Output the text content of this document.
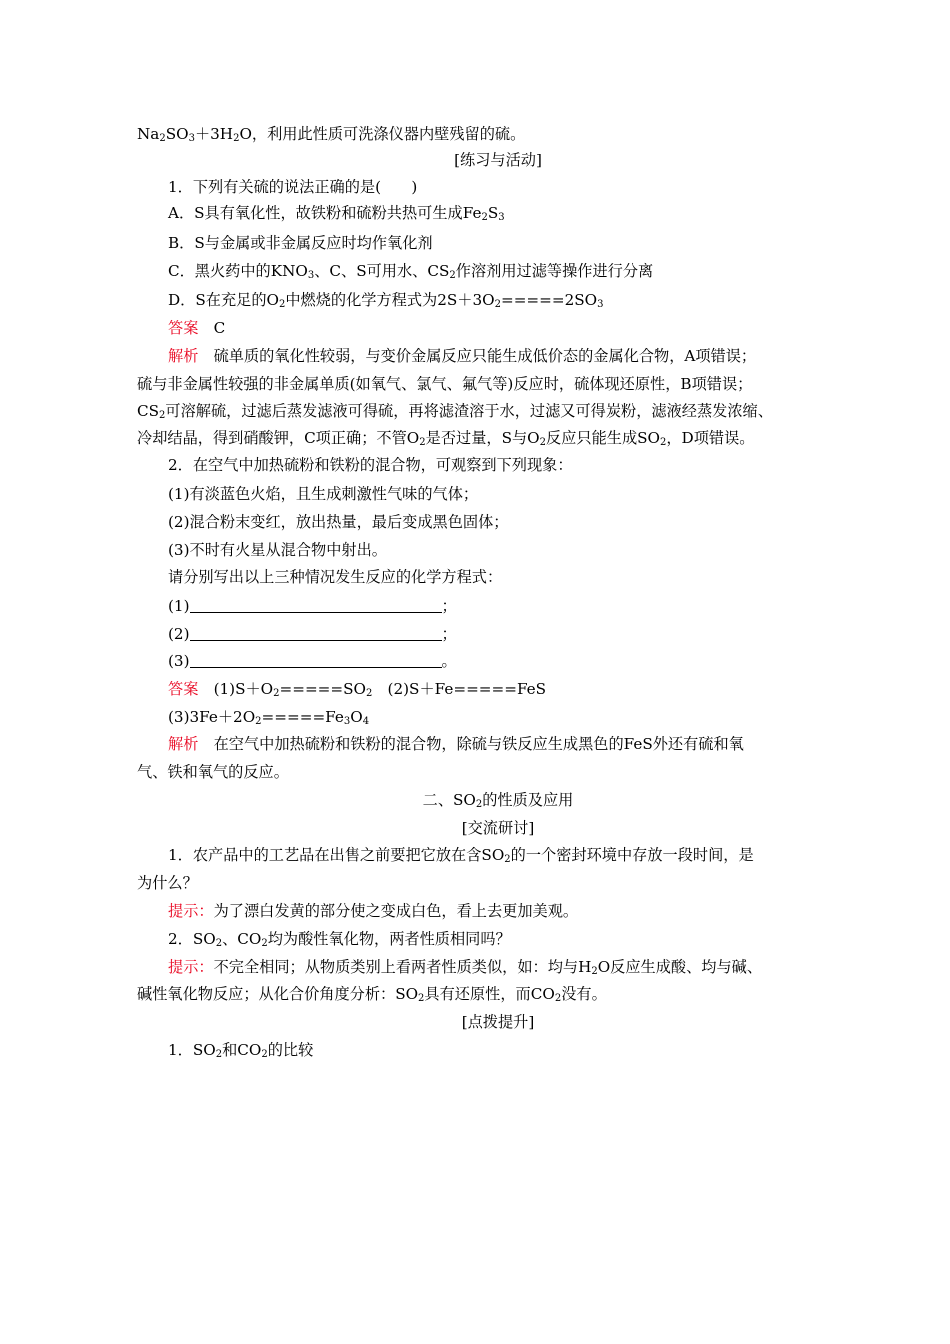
$Na_2SO_3+3H_2O$，利用此性质可洗涤仪器内壁残留的硫。
[练习与活动]
1．下列有关硫的说法正确的是(　　)
A．S具有氧化性，故铁粉和硫粉共热可生成$Fe_2S_3$
B．S与金属或非金属反应时均作氧化剂
C．黑火药中的$KNO_3$、C、S可用水、$CS_2$作溶剂用过滤等操作进行分离
D．S在充足的$O_2$中燃烧的化学方程式为$2S+3O_2=====2SO_3$
答案　 C
解析　 硫单质的氧化性较弱，与变价金属反应只能生成低价态的金属化合物，A项错误；
硫与非金属性较强的非金属单质(如氧气、氯气、氟气等)反应时，硫体现还原性，B项错误；
$CS_2$可溶解硫，过滤后蒸发滤液可得硫，再将滤渣溶于水，过滤又可得炭粉，滤液经蒸发浓缩、
冷却结晶，得到硝酸钾，C项正确；不管$O_2$是否过量，S与$O_2$反应只能生成$SO_2$，D项错误。
2．在空气中加热硫粉和铁粉的混合物，可观察到下列现象：
(1)有淡蓝色火焰，且生成刺激性气味的气体；
(2)混合粉末变红，放出热量，最后变成黑色固体；
(3)不时有火星从混合物中射出。
请分别写出以上三种情况发生反应的化学方程式：
(1)	；
(2)	；
(3)	。
答案　 $(1)S+O_2=====SO_2$　(2)S＋Fe=====FeS
$(3)3Fe+2O_2=====Fe_3O_4$
解析　 在空气中加热硫粉和铁粉的混合物，除硫与铁反应生成黑色的FeS外还有硫和氧
气、铁和氧气的反应。
二、$SO_2$的性质及应用
[交流研讨]
1．农产品中的工艺品在出售之前要把它放在含$SO_2$的一个密封环境中存放一段时间，是
为什么？
提示：为了漂白发黄的部分使之变成白色，看上去更加美观。
2．$SO_2$、$CO_2$均为酸性氧化物，两者性质相同吗？
提示：不完全相同；从物质类别上看两者性质类似，如：均与$H_2O$反应生成酸、均与碱、
碱性氧化物反应；从化合价角度分析：$SO_2$具有还原性，而$CO_2$没有。
[点拨提升]
1．$SO_2$和$CO_2$的比较
